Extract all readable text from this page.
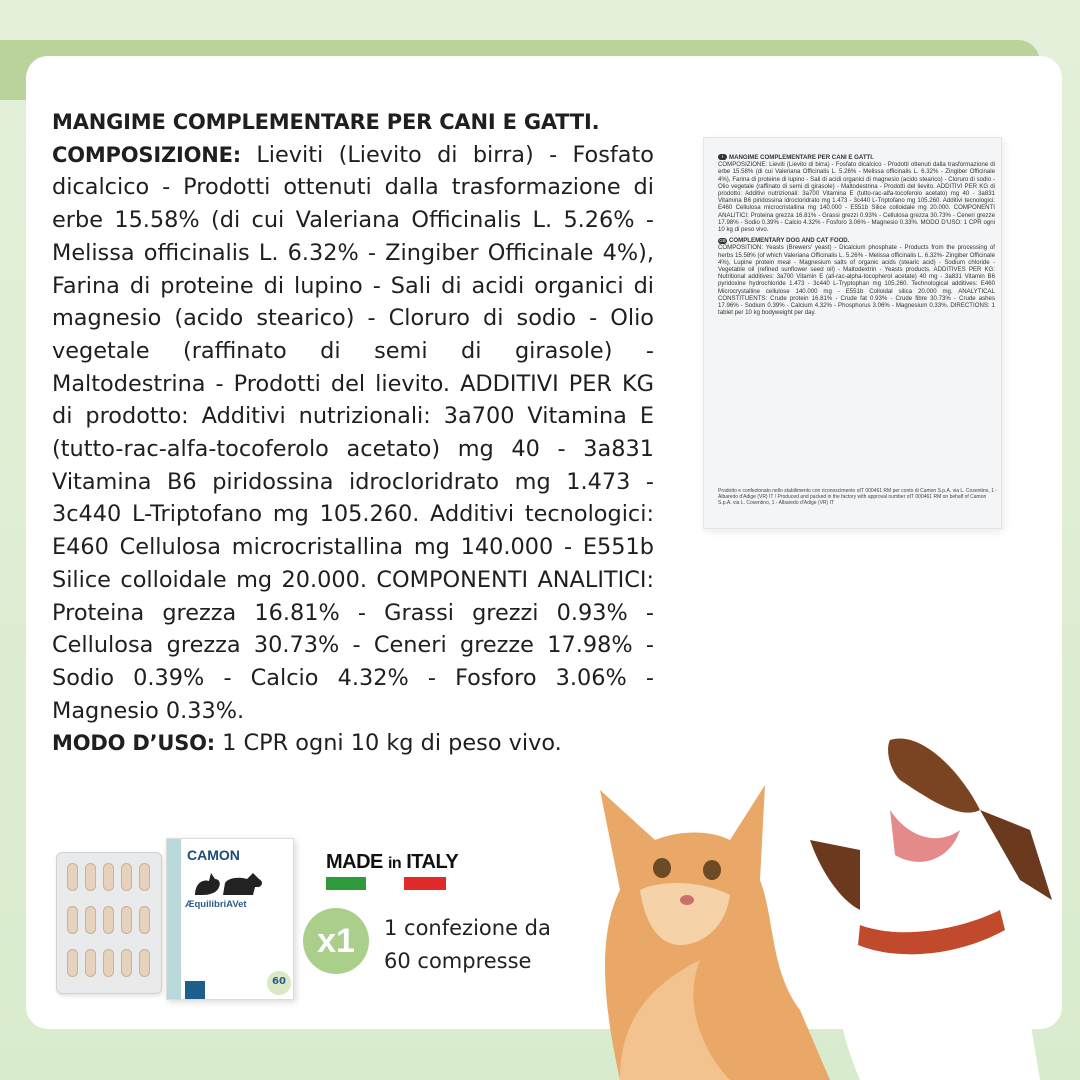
MANGIME COMPLEMENTARE PER CANI E GATTI.

COMPOSIZIONE: Lieviti (Lievito di birra) - Fosfato dicalcico - Prodotti ottenuti dalla trasformazione di erbe 15.58% (di cui Valeriana Officinalis L. 5.26% - Melissa officinalis L. 6.32% - Zingiber Officinale 4%), Farina di proteine di lupino - Sali di acidi organici di magnesio (acido stearico) - Cloruro di sodio - Olio vegetale (raffinato di semi di girasole) - Maltodestrina - Prodotti del lievito. ADDITIVI PER KG di prodotto: Additivi nutrizionali: 3a700 Vitamina E (tutto-rac-alfa-tocoferolo acetato) mg 40 - 3a831 Vitamina B6 piridossina idrocloridrato mg 1.473 - 3c440 L-Triptofano mg 105.260. Additivi tecnologici: E460 Cellulosa microcristallina mg 140.000 - E551b Silice colloidale mg 20.000. COMPONENTI ANALITICI: Proteina grezza 16.81% - Grassi grezzi 0.93% - Cellulosa grezza 30.73% - Ceneri grezze 17.98% - Sodio 0.39% - Calcio 4.32% - Fosforo 3.06% - Magnesio 0.33%.

MODO D’USO: 1 CPR ogni 10 kg di peso vivo.

I MANGIME COMPLEMENTARE PER CANI E GATTI.
COMPOSIZIONE: Lieviti (Lievito di birra) - Fosfato dicalcico - Prodotti ottenuti dalla trasformazione di erbe 15.58% (di cui Valeriana Officinalis L. 5.26% - Melissa officinalis L. 6.32% - Zingiber Officinale 4%), Farina di proteine di lupino - Sali di acidi organici di magnesio (acido stearico) - Cloruro di sodio - Olio vegetale (raffinato di semi di girasole) - Maltodestrina - Prodotti del lievito. ADDITIVI PER KG di prodotto: Additivi nutrizionali: 3a700 Vitamina E (tutto-rac-alfa-tocoferolo acetato) mg 40 - 3a831 Vitamina B6 piridossina idrocloridrato mg 1.473 - 3c440 L-Triptofano mg 105.260. Additivi tecnologici: E460 Cellulosa microcristallina mg 140.000 - E551b Silice colloidale mg 20.000. COMPONENTI ANALITICI: Proteina grezza 16.81% - Grassi grezzi 0.93% - Cellulosa grezza 30.73% - Ceneri grezze 17.98% - Sodio 0.39% - Calcio 4.32% - Fosforo 3.06% - Magnesio 0.33%. MODO D’USO: 1 CPR ogni 10 kg di peso vivo.

GB COMPLEMENTARY DOG AND CAT FOOD.
COMPOSITION: Yeasts (Brewers' yeast) - Dicalcium phosphate - Products from the processing of herbs 15.58% (of which Valeriana Officinalis L. 5.26% - Melissa officinalis L. 6.32%- Zingiber Officinale 4%), Lupine protein meal - Magnesium salts of organic acids (stearic acid) - Sodium chloride - Vegetable oil (refined sunflower seed oil) - Maltodextrin - Yeasts products. ADDITIVES PER KG: Nutritional additives: 3a700 Vitamin E (all-rac-alpha-tocopherol acetate) 40 mg - 3a831 Vitamin B6 pyridoxine hydrochloride 1.473 - 3c440 L-Tryptophan mg 105.260. Technological additives: E460 Microcrystalline cellulose 140.000 mg - E551b Colloidal silica 20.000 mg. ANALYTICAL CONSTITUENTS: Crude protein 16.81% - Crude fat 0.93% - Crude fibre 30.73% - Crude ashes 17.96% - Sodium 0.39% - Calcium 4.32% - Phosphorus 3.06% - Magnesium 0.33%. DIRECTIONS: 1 tablet per 10 kg bodyweight per day.

Prodotto e confezionato nello stabilimento con riconoscimento αIT 000461 RM per conto di Camon S.p.A. via L. Cosentino, 1 - Albaredo d'Adige (VR) IT / Produced and packed in the factory with approval number αIT 000461 RM on behalf of Camon S.p.A. via L. Cosentino, 1 - Albaredo d'Adige (VR) IT
CAMON
ÆquilibriAVet
60
MADE in ITALY
x1	1 confezione da
60 compresse
